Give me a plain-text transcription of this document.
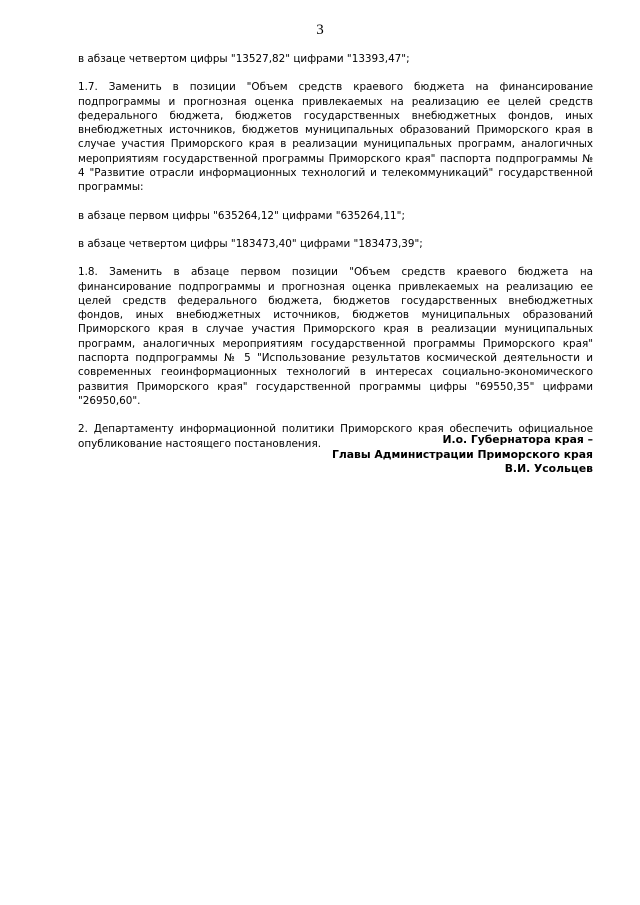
3

в абзаце четвертом цифры "13527,82" цифрами "13393,47";

1.7. Заменить в позиции "Объем средств краевого бюджета на финансирование подпрограммы и прогнозная оценка привлекаемых на реализацию ее целей средств федерального бюджета, бюджетов государственных внебюджетных фондов, иных внебюджетных источников, бюджетов муниципальных образований Приморского края в случае участия Приморского края в реализации муниципальных программ, аналогичных мероприятиям государственной программы Приморского края" паспорта подпрограммы № 4 "Развитие отрасли информационных технологий и телекоммуникаций" государственной программы:

в абзаце первом цифры "635264,12" цифрами "635264,11";

в абзаце четвертом цифры "183473,40" цифрами "183473,39";

1.8. Заменить в абзаце первом позиции "Объем средств краевого бюджета на финансирование подпрограммы и прогнозная оценка привлекаемых на реализацию ее целей средств федерального бюджета, бюджетов государственных внебюджетных фондов, иных внебюджетных источников, бюджетов муниципальных образований Приморского края в случае участия Приморского края в реализации муниципальных программ, аналогичных мероприятиям государственной программы Приморского края" паспорта подпрограммы № 5 "Использование результатов космической деятельности и современных геоинформационных технологий в интересах социально-экономического развития Приморского края" государственной программы цифры "69550,35" цифрами "26950,60".

2. Департаменту информационной политики Приморского края обеспечить официальное опубликование настоящего постановления.	И.о. Губернатора края –
Главы Администрации Приморского края
В.И. Усольцев
